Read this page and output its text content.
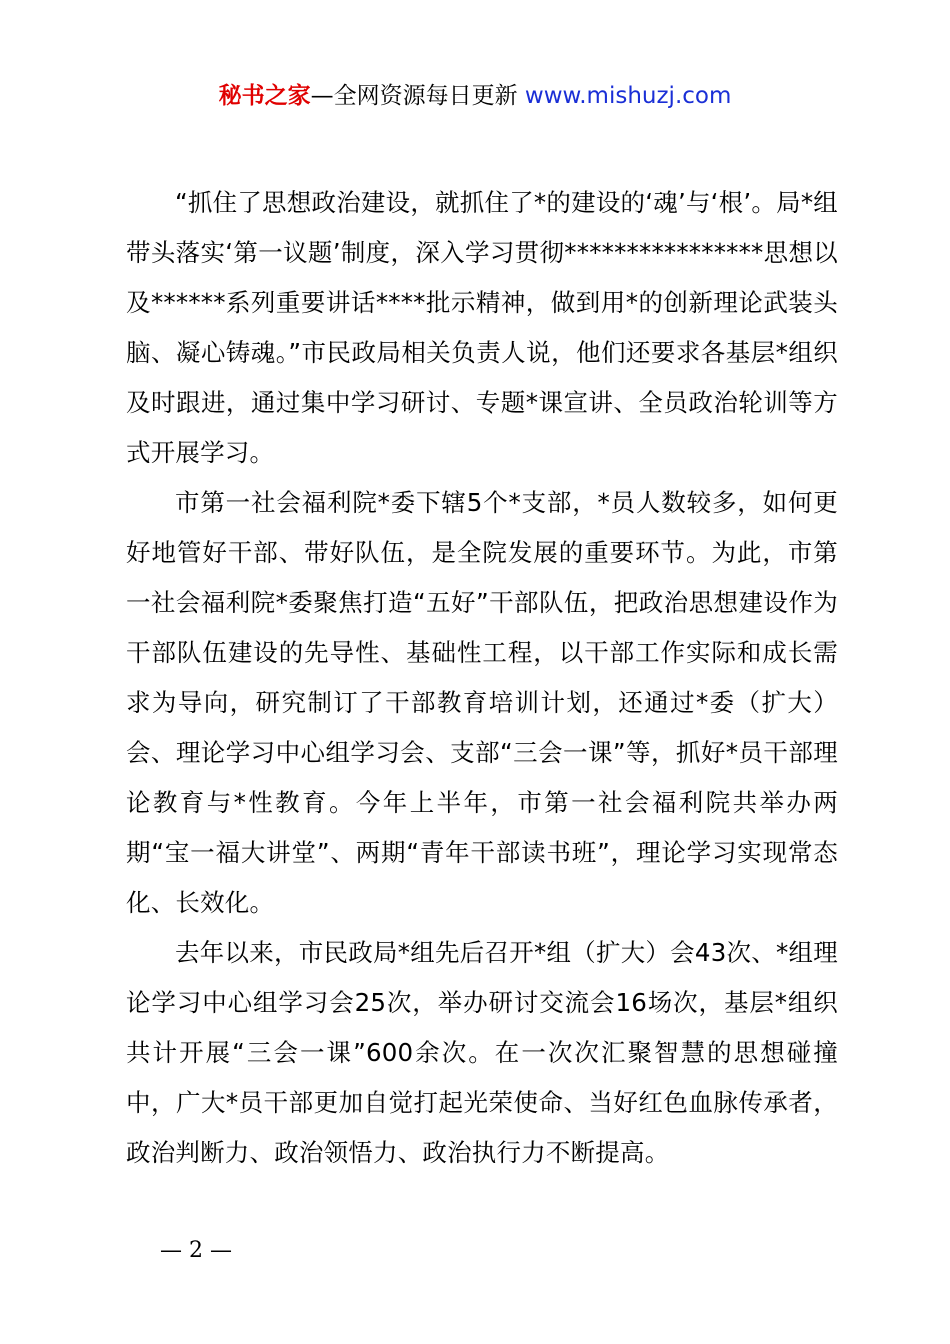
秘书之家—全网资源每日更新 www.mishuzj.com

“抓住了思想政治建设，就抓住了*的建设的‘魂’与‘根’。局*组带头落实‘第一议题’制度，深入学习贯彻****************思想以及******系列重要讲话****批示精神，做到用*的创新理论武装头脑、凝心铸魂。”市民政局相关负责人说，他们还要求各基层*组织及时跟进，通过集中学习研讨、专题*课宣讲、全员政治轮训等方式开展学习。

市第一社会福利院*委下辖5个*支部，*员人数较多，如何更好地管好干部、带好队伍，是全院发展的重要环节。为此，市第一社会福利院*委聚焦打造“五好”干部队伍，把政治思想建设作为干部队伍建设的先导性、基础性工程，以干部工作实际和成长需求为导向，研究制订了干部教育培训计划，还通过*委（扩大）会、理论学习中心组学习会、支部“三会一课”等，抓好*员干部理论教育与*性教育。今年上半年，市第一社会福利院共举办两期“宝一福大讲堂”、两期“青年干部读书班”，理论学习实现常态化、长效化。

去年以来，市民政局*组先后召开*组（扩大）会43次、*组理论学习中心组学习会25次，举办研讨交流会16场次，基层*组织共计开展“三会一课”600余次。在一次次汇聚智慧的思想碰撞中，广大*员干部更加自觉打起光荣使命、当好红色血脉传承者，政治判断力、政治领悟力、政治执行力不断提高。

— 2 —
